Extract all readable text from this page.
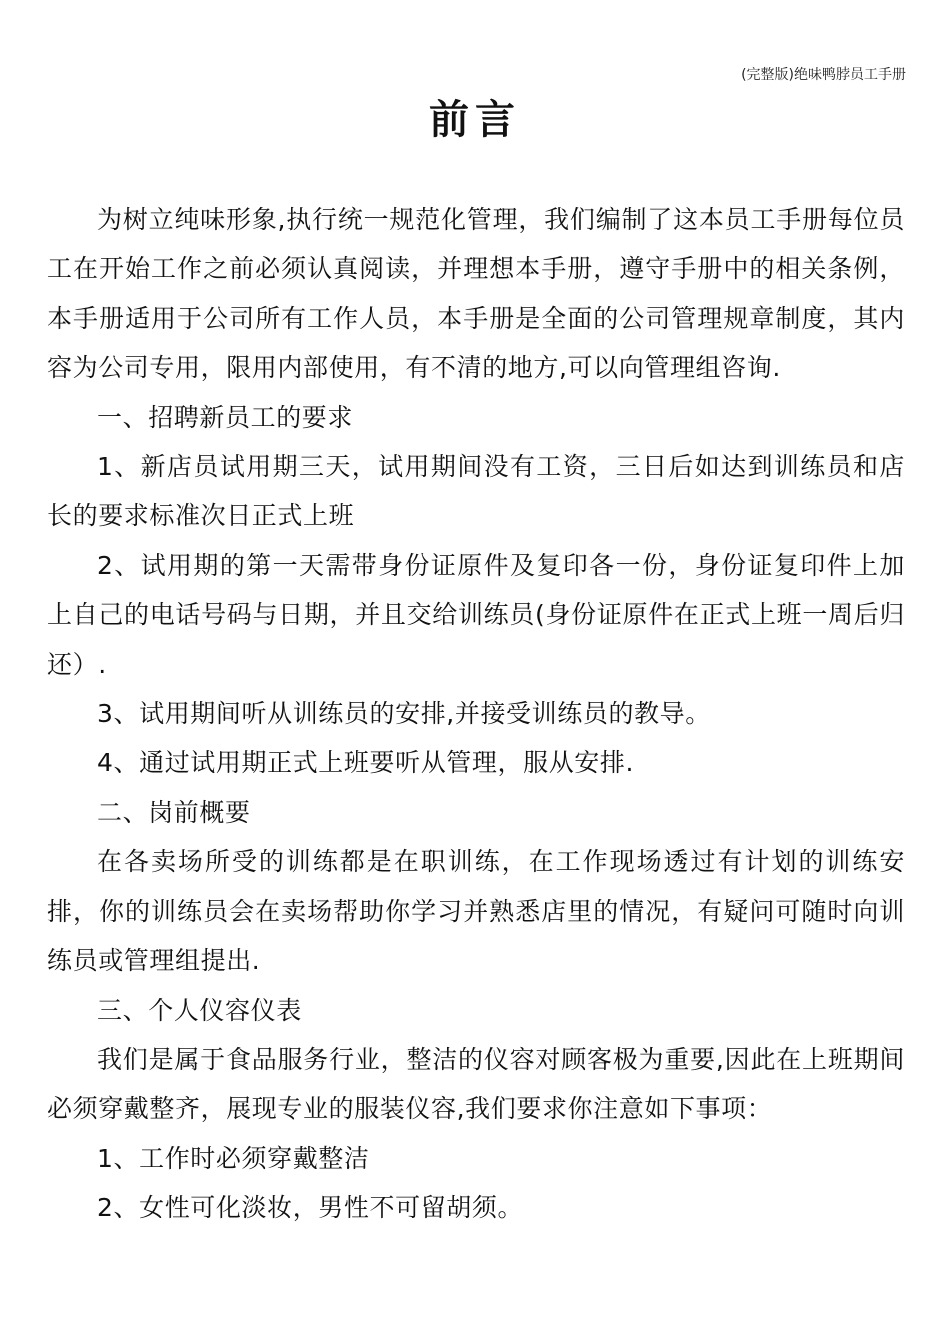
(完整版)绝味鸭脖员工手册
前言

为树立纯味形象,执行统一规范化管理，我们编制了这本员工手册每位员工在开始工作之前必须认真阅读，并理想本手册，遵守手册中的相关条例，本手册适用于公司所有工作人员，本手册是全面的公司管理规章制度，其内容为公司专用，限用内部使用，有不清的地方,可以向管理组咨询.

一、招聘新员工的要求

1、新店员试用期三天，试用期间没有工资，三日后如达到训练员和店长的要求标准次日正式上班

2、试用期的第一天需带身份证原件及复印各一份，身份证复印件上加上自己的电话号码与日期，并且交给训练员(身份证原件在正式上班一周后归还）.

3、试用期间听从训练员的安排,并接受训练员的教导。

4、通过试用期正式上班要听从管理，服从安排.

二、岗前概要

在各卖场所受的训练都是在职训练，在工作现场透过有计划的训练安排，你的训练员会在卖场帮助你学习并熟悉店里的情况，有疑问可随时向训练员或管理组提出.

三、个人仪容仪表

我们是属于食品服务行业，整洁的仪容对顾客极为重要,因此在上班期间必须穿戴整齐，展现专业的服装仪容,我们要求你注意如下事项：

1、工作时必须穿戴整洁

2、女性可化淡妆，男性不可留胡须。
